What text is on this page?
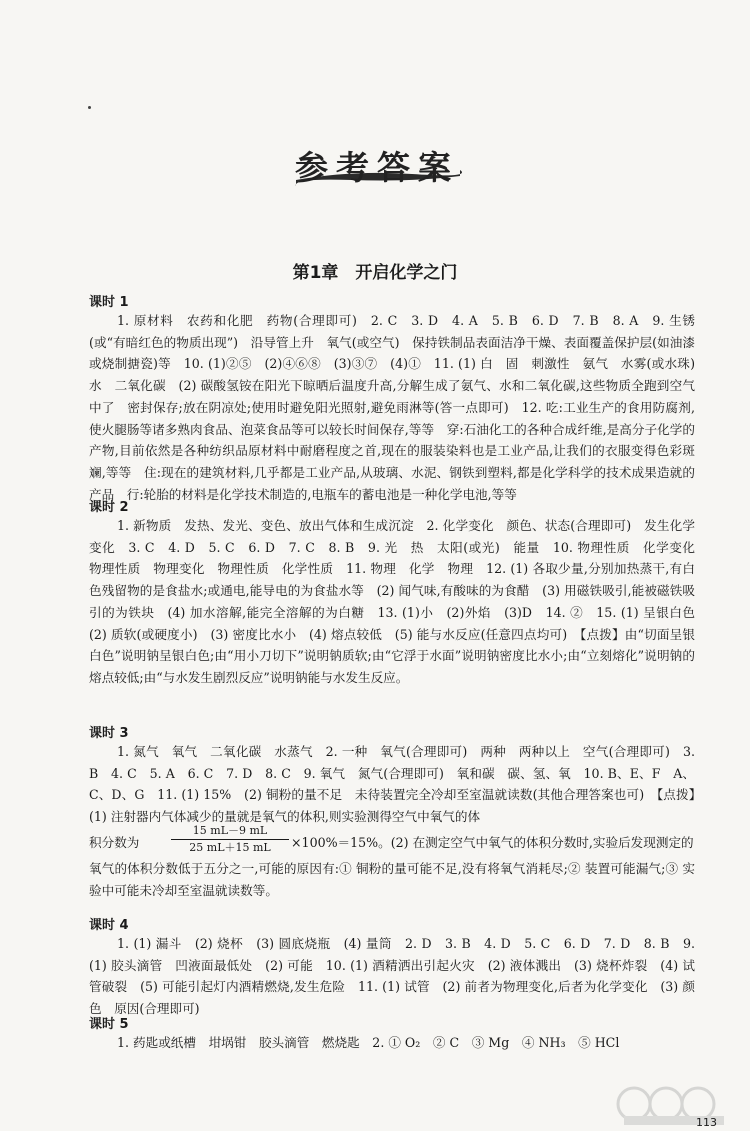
参考答案
第1章　开启化学之门
课时 1
1. 原材料　农药和化肥　药物(合理即可)　2. C　3. D　4. A　5. B　6. D　7. B　8. A　9. 生锈(或“有暗红色的物质出现”)　沿导管上升　氧气(或空气)　保持铁制品表面洁净干燥、表面覆盖保护层(如油漆或烧制搪瓷)等　10. (1)②⑤　(2)④⑥⑧　(3)③⑦　(4)①　11. (1) 白　固　刺激性　氨气　水雾(或水珠)　水　二氧化碳　(2) 碳酸氢铵在阳光下晾晒后温度升高,分解生成了氨气、水和二氧化碳,这些物质全跑到空气中了　密封保存;放在阴凉处;使用时避免阳光照射,避免雨淋等(答一点即可)　12. 吃:工业生产的食用防腐剂,使火腿肠等诸多熟肉食品、泡菜食品等可以较长时间保存,等等　穿:石油化工的各种合成纤维,是高分子化学的产物,目前依然是各种纺织品原材料中耐磨程度之首,现在的服装染料也是工业产品,让我们的衣服变得色彩斑斓,等等　住:现在的建筑材料,几乎都是工业产品,从玻璃、水泥、钢铁到塑料,都是化学科学的技术成果造就的产品　行:轮胎的材料是化学技术制造的,电瓶车的蓄电池是一种化学电池,等等
课时 2
1. 新物质　发热、发光、变色、放出气体和生成沉淀　2. 化学变化　颜色、状态(合理即可)　发生化学变化　3. C　4. D　5. C　6. D　7. C　8. B　9. 光　热　太阳(或光)　能量　10. 物理性质　化学变化　物理性质　物理变化　物理性质　化学性质　11. 物理　化学　物理　12. (1) 各取少量,分别加热蒸干,有白色残留物的是食盐水;或通电,能导电的为食盐水等　(2) 闻气味,有酸味的为食醋　(3) 用磁铁吸引,能被磁铁吸引的为铁块　(4) 加水溶解,能完全溶解的为白糖　13. (1)小　(2)外焰　(3)D　14. ②　15. (1) 呈银白色　(2) 质软(或硬度小)　(3) 密度比水小　(4) 熔点较低　(5) 能与水反应(任意四点均可)　【点拨】由“切面呈银白色”说明钠呈银白色;由“用小刀切下”说明钠质软;由“它浮于水面”说明钠密度比水小;由“立刻熔化”说明钠的熔点较低;由“与水发生剧烈反应”说明钠能与水发生反应。
课时 3
1. 氮气　氧气　二氧化碳　水蒸气　2. 一种　氧气(合理即可)　两种　两种以上　空气(合理即可)　3. B　4. C　5. A　6. C　7. D　8. C　9. 氧气　氮气(合理即可)　氧和碳　碳、氢、氧　10. B、E、F　A、C、D、G　11. (1) 15%　(2) 铜粉的量不足　未待装置完全冷却至室温就读数(其他合理答案也可)　【点拨】(1) 注射器内气体减少的量就是氧气的体积,则实验测得空气中氧气的体
积分数为	$\frac{15 mL-9 mL}{25 mL+15 mL} \times 100\%=15\%$。(2) 在测定空气中氧气的体积分数时,实验后发现测定的
氧气的体积分数低于五分之一,可能的原因有:① 铜粉的量可能不足,没有将氧气消耗尽;② 装置可能漏气;③ 实验中可能未冷却至室温就读数等。
课时 4
1. (1) 漏斗　(2) 烧杯　(3) 圆底烧瓶　(4) 量筒　2. D　3. B　4. D　5. C　6. D　7. D　8. B　9. (1) 胶头滴管　凹液面最低处　(2) 可能　10. (1) 酒精洒出引起火灾　(2) 液体溅出　(3) 烧杯炸裂　(4) 试管破裂　(5) 可能引起灯内酒精燃烧,发生危险　11. (1) 试管　(2) 前者为物理变化,后者为化学变化　(3) 颜色　原因(合理即可)
课时 5
1. 药匙或纸槽　坩埚钳　胶头滴管　燃烧匙　2. ① O₂　② C　③ Mg　④ NH₃　⑤ HCl
113
